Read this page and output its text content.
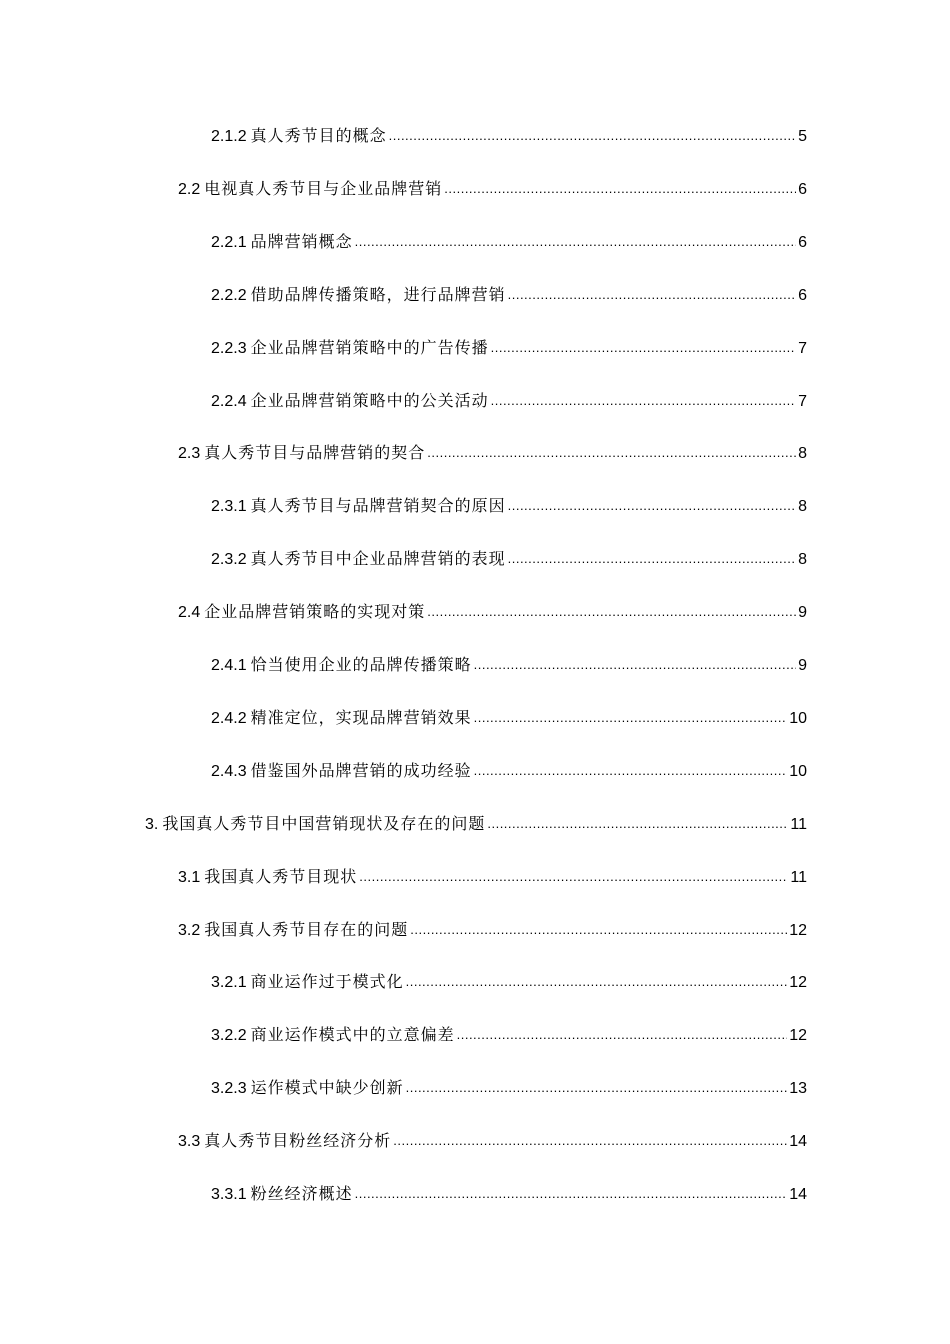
2.1.2 真人秀节目的概念 .....	5
2.2 电视真人秀节目与企业品牌营销 .....	6
2.2.1 品牌营销概念 .....	6
2.2.2 借助品牌传播策略，进行品牌营销 .....	6
2.2.3 企业品牌营销策略中的广告传播 .....	7
2.2.4 企业品牌营销策略中的公关活动 .....	7
2.3 真人秀节目与品牌营销的契合 .....	8
2.3.1 真人秀节目与品牌营销契合的原因 .....	8
2.3.2 真人秀节目中企业品牌营销的表现 .....	8
2.4 企业品牌营销策略的实现对策 .....	9
2.4.1 恰当使用企业的品牌传播策略 .....	9
2.4.2 精准定位，实现品牌营销效果 .....	10
2.4.3 借鉴国外品牌营销的成功经验 .....	10
3. 我国真人秀节目中国营销现状及存在的问题 .....	11
3.1 我国真人秀节目现状 .....	11
3.2 我国真人秀节目存在的问题 .....	12
3.2.1 商业运作过于模式化 .....	12
3.2.2 商业运作模式中的立意偏差 .....	12
3.2.3 运作模式中缺少创新 .....	13
3.3 真人秀节目粉丝经济分析 .....	14
3.3.1 粉丝经济概述 .....	14
